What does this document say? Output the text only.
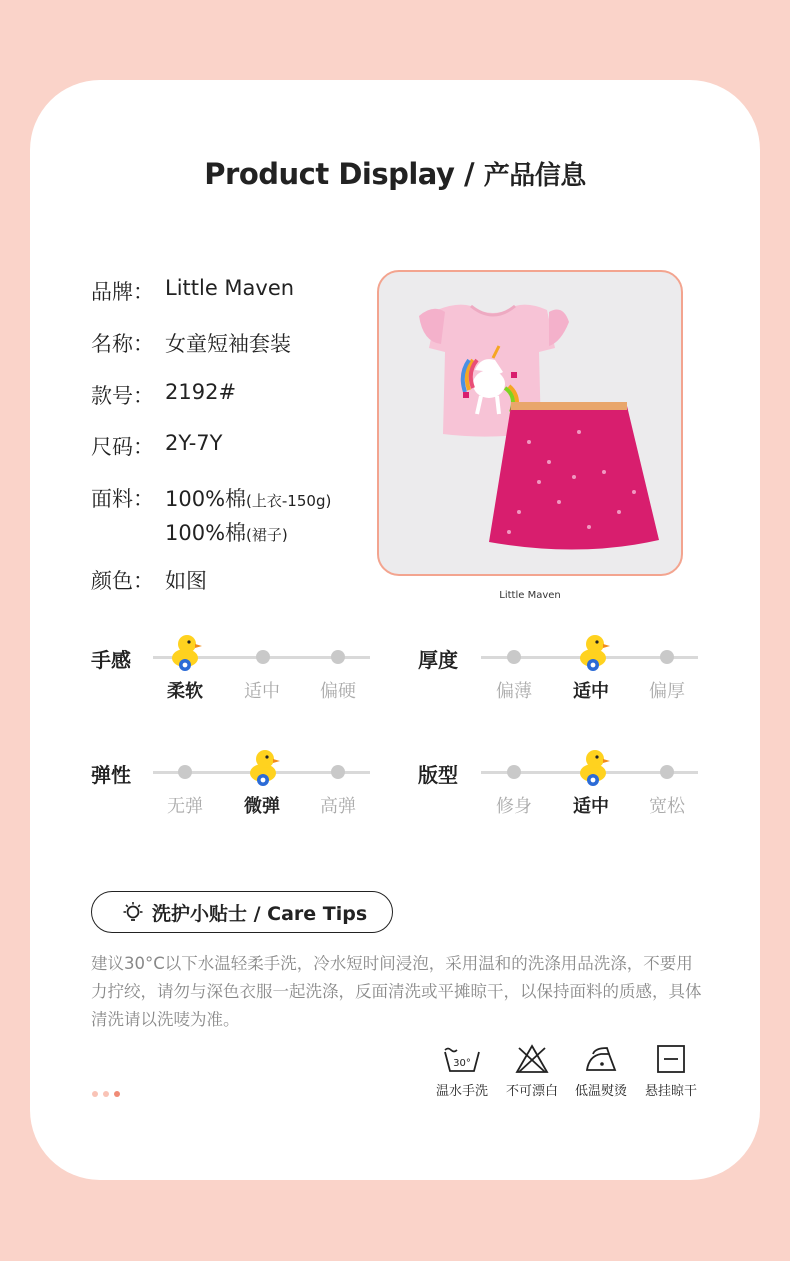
Product Display / 产品信息
品牌： Little Maven
名称： 女童短袖套装
款号： 2192#
尺码： 2Y-7Y
面料： 100%棉(上衣-150g)
100%棉(裙子)
颜色： 如图
Little Maven
手感
柔软	适中	偏硬
厚度
偏薄	适中	偏厚
弹性
无弹	微弹	高弹
版型
修身	适中	宽松
洗护小贴士 / Care Tips
建议30°C以下水温轻柔手洗，冷水短时间浸泡，采用温和的洗涤用品洗涤，不要用力拧绞，请勿与深色衣服一起洗涤，反面清洗或平摊晾干，以保持面料的质感，具体清洗请以洗唛为准。
30°
温水手洗	不可漂白	低温熨烫	悬挂晾干
